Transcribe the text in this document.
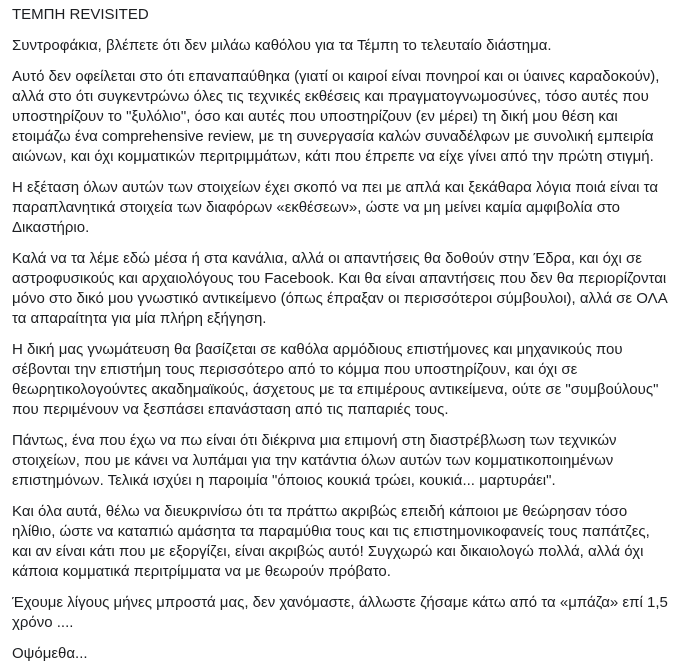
ΤΕΜΠΗ REVISITED
Συντροφάκια, βλέπετε ότι δεν μιλάω καθόλου για τα Τέμπη το τελευταίο διάστημα.
Αυτό δεν οφείλεται στο ότι επαναπαύθηκα (γιατί οι καιροί είναι πονηροί και οι ύαινες καραδοκούν), αλλά στο ότι συγκεντρώνω όλες τις τεχνικές εκθέσεις και πραγματογνωμοσύνες, τόσο αυτές που υποστηρίζουν το "ξυλόλιο", όσο και αυτές που υποστηρίζουν (εν μέρει) τη δική μου θέση και ετοιμάζω ένα comprehensive review, με τη συνεργασία καλών συναδέλφων με συνολική εμπειρία αιώνων, και όχι κομματικών περιτριμμάτων, κάτι που έπρεπε να είχε γίνει από την πρώτη στιγμή.
Η εξέταση όλων αυτών των στοιχείων έχει σκοπό να πει με απλά και ξεκάθαρα λόγια ποιά είναι τα παραπλανητικά στοιχεία των διαφόρων «εκθέσεων», ώστε να μη μείνει καμία αμφιβολία στο Δικαστήριο.
Καλά να τα λέμε εδώ μέσα ή στα κανάλια, αλλά οι απαντήσεις θα δοθούν στην Έδρα, και όχι σε αστροφυσικούς και αρχαιολόγους του Facebook. Και θα είναι απαντήσεις που δεν θα περιορίζονται μόνο στο δικό μου γνωστικό αντικείμενο (όπως έπραξαν οι περισσότεροι σύμβουλοι), αλλά σε ΟΛΑ τα απαραίτητα για μία πλήρη εξήγηση.
Η δική μας γνωμάτευση θα βασίζεται σε καθόλα αρμόδιους επιστήμονες και μηχανικούς που σέβονται την επιστήμη τους περισσότερο από το κόμμα που υποστηρίζουν, και όχι σε θεωρητικολογούντες ακαδημαϊκούς, άσχετους με τα επιμέρους αντικείμενα, ούτε σε "συμβούλους" που περιμένουν να ξεσπάσει επανάσταση από τις παπαριές τους.
Πάντως, ένα που έχω να πω είναι ότι διέκρινα μια επιμονή στη διαστρέβλωση των τεχνικών στοιχείων, που με κάνει να λυπάμαι για την κατάντια όλων αυτών των κομματικοποιημένων επιστημόνων. Τελικά ισχύει η παροιμία "όποιος κουκιά τρώει, κουκιά... μαρτυράει".
Και όλα αυτά, θέλω να διευκρινίσω ότι τα πράττω ακριβώς επειδή κάποιοι με θεώρησαν τόσο ηλίθιο, ώστε να καταπιώ αμάσητα τα παραμύθια τους και τις επιστημονικοφανείς τους παπάτζες, και αν είναι κάτι που με εξοργίζει, είναι ακριβώς αυτό! Συγχωρώ και δικαιολογώ πολλά, αλλά όχι κάποια κομματικά περιτρίμματα να με θεωρούν πρόβατο.
Έχουμε λίγους μήνες μπροστά μας, δεν χανόμαστε, άλλωστε ζήσαμε κάτω από τα «μπάζα» επί 1,5 χρόνο ....
Οψόμεθα...
